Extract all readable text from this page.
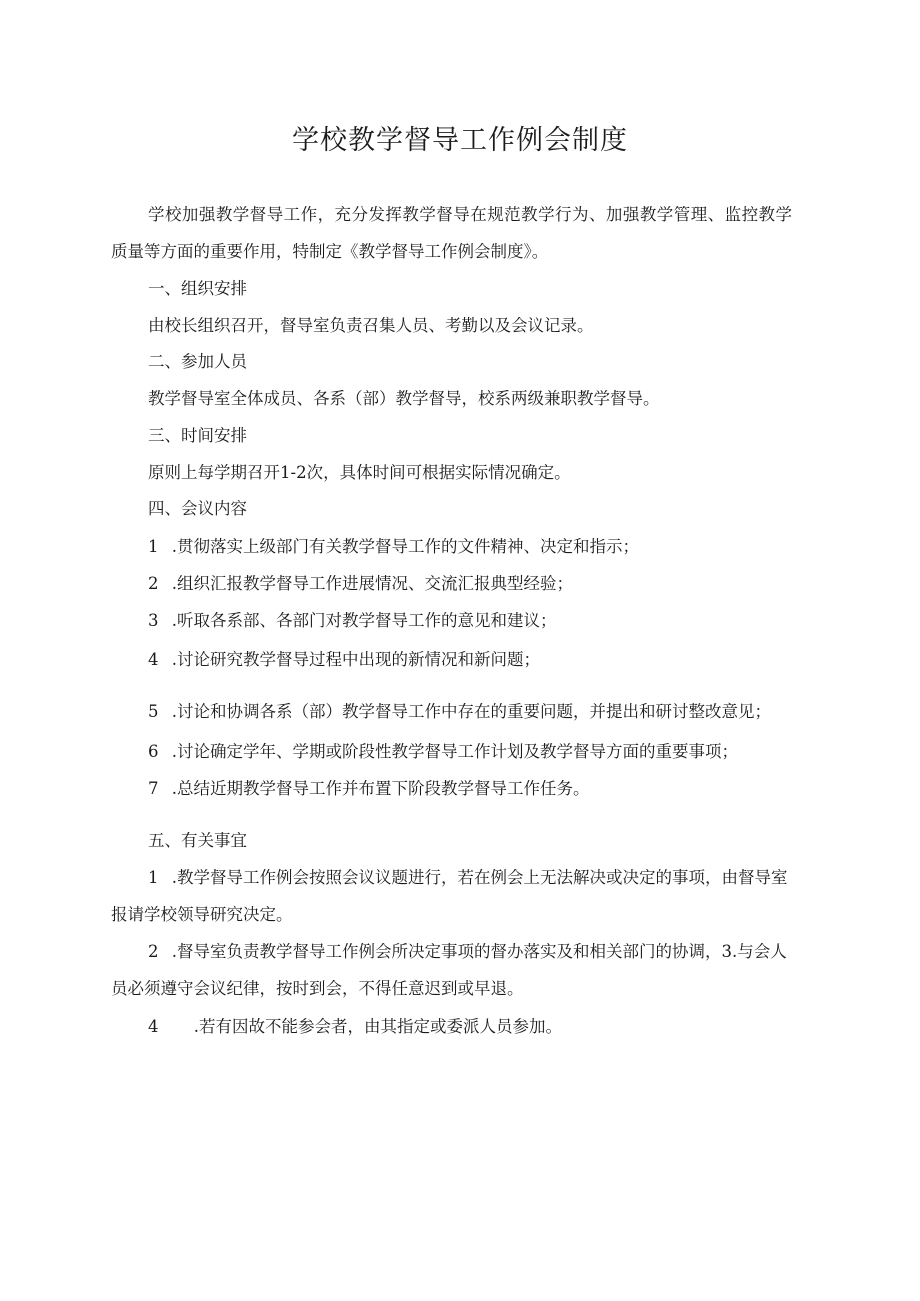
学校教学督导工作例会制度

学校加强教学督导工作，充分发挥教学督导在规范教学行为、加强教学管理、监控教学

质量等方面的重要作用，特制定《教学督导工作例会制度》。

一、组织安排

由校长组织召开，督导室负责召集人员、考勤以及会议记录。

二、参加人员

教学督导室全体成员、各系（部）教学督导，校系两级兼职教学督导。

三、时间安排

原则上每学期召开1-2次，具体时间可根据实际情况确定。

四、会议内容

1 .贯彻落实上级部门有关教学督导工作的文件精神、决定和指示；

2 .组织汇报教学督导工作进展情况、交流汇报典型经验；

3 .听取各系部、各部门对教学督导工作的意见和建议；

4 .讨论研究教学督导过程中出现的新情况和新问题；

5 .讨论和协调各系（部）教学督导工作中存在的重要问题，并提出和研讨整改意见；

6 .讨论确定学年、学期或阶段性教学督导工作计划及教学督导方面的重要事项；

7 .总结近期教学督导工作并布置下阶段教学督导工作任务。

五、有关事宜

1 .教学督导工作例会按照会议议题进行，若在例会上无法解决或决定的事项，由督导室

报请学校领导研究决定。

2 .督导室负责教学督导工作例会所决定事项的督办落实及和相关部门的协调，3.与会人

员必须遵守会议纪律，按时到会，不得任意迟到或早退。

4 .若有因故不能参会者，由其指定或委派人员参加。
